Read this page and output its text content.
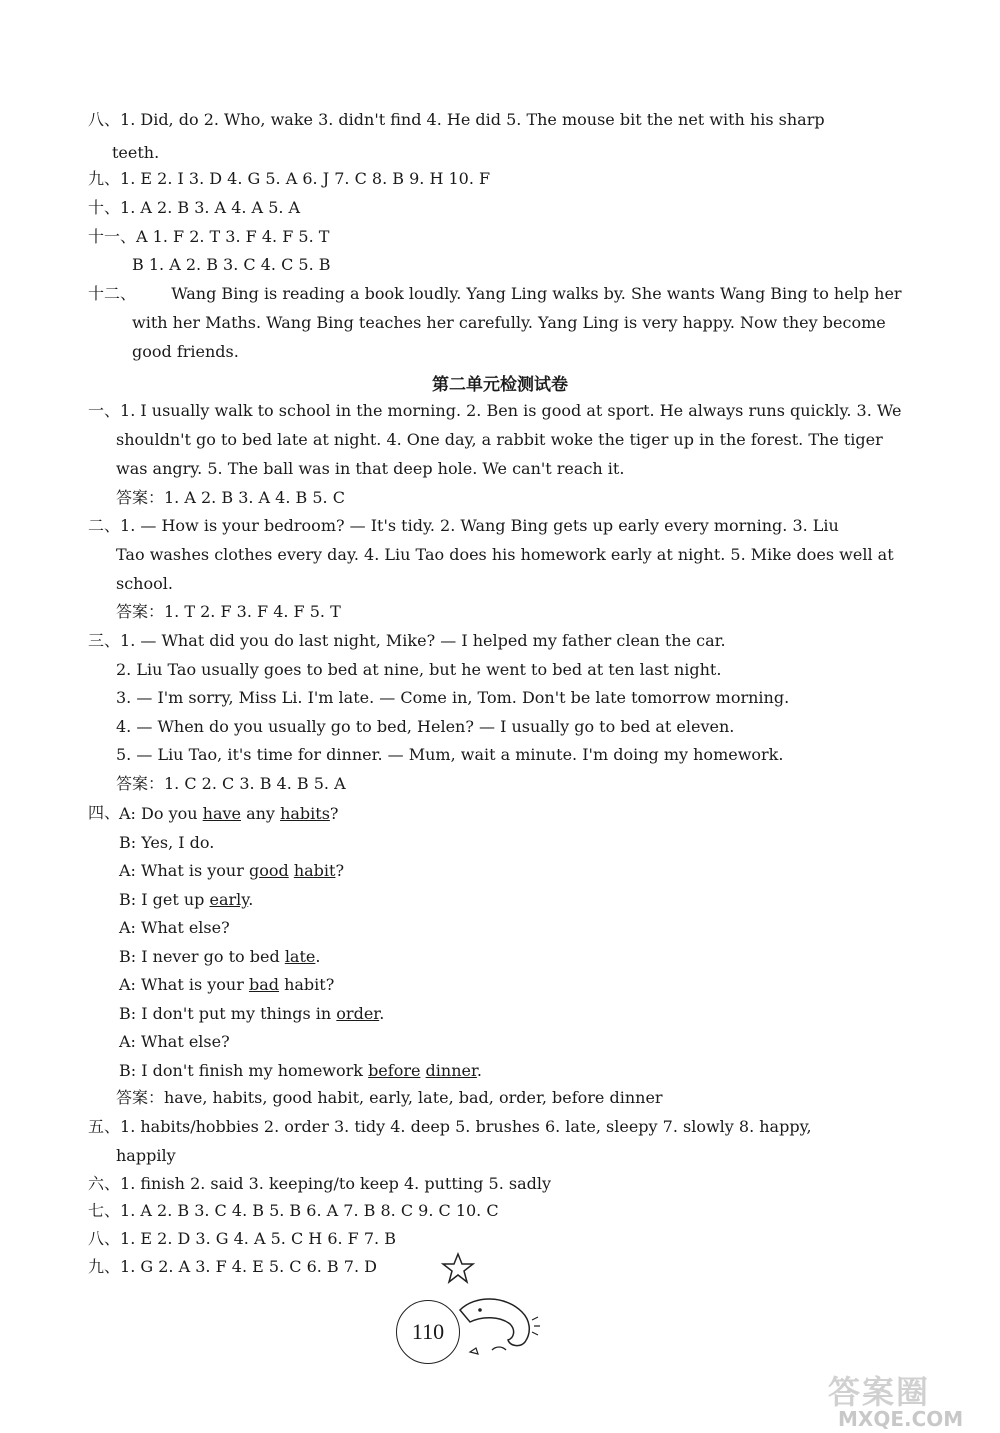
八、1. Did, do 2. Who, wake 3. didn't find 4. He did 5. The mouse bit the net with his sharp
teeth.
九、1. E 2. I 3. D 4. G 5. A 6. J 7. C 8. B 9. H 10. F
十、1. A 2. B 3. A 4. A 5. A
十一、A 1. F 2. T 3. F 4. F 5. T
B 1. A 2. B 3. C 4. C 5. B
十二、 Wang Bing is reading a book loudly. Yang Ling walks by. She wants Wang Bing to help her
with her Maths. Wang Bing teaches her carefully. Yang Ling is very happy. Now they become
good friends.
第二单元检测试卷
一、1. I usually walk to school in the morning. 2. Ben is good at sport. He always runs quickly. 3. We
shouldn't go to bed late at night. 4. One day, a rabbit woke the tiger up in the forest. The tiger
was angry. 5. The ball was in that deep hole. We can't reach it.
答案：1. A 2. B 3. A 4. B 5. C
二、1. — How is your bedroom? — It's tidy. 2. Wang Bing gets up early every morning. 3. Liu
Tao washes clothes every day. 4. Liu Tao does his homework early at night. 5. Mike does well at
school.
答案：1. T 2. F 3. F 4. F 5. T
三、1. — What did you do last night, Mike? — I helped my father clean the car.
2. Liu Tao usually goes to bed at nine, but he went to bed at ten last night.
3. — I'm sorry, Miss Li. I'm late. — Come in, Tom. Don't be late tomorrow morning.
4. — When do you usually go to bed, Helen? — I usually go to bed at eleven.
5. — Liu Tao, it's time for dinner. — Mum, wait a minute. I'm doing my homework.
答案：1. C 2. C 3. B 4. B 5. A
四、
A: Do you have any habits?
B: Yes, I do.
A: What is your good habit?
B: I get up early.
A: What else?
B: I never go to bed late.
A: What is your bad habit?
B: I don't put my things in order.
A: What else?
B: I don't finish my homework before dinner.
答案：have, habits, good habit, early, late, bad, order, before dinner
五、1. habits/hobbies 2. order 3. tidy 4. deep 5. brushes 6. late, sleepy 7. slowly 8. happy,
happily
六、1. finish 2. said 3. keeping/to keep 4. putting 5. sadly
七、1. A 2. B 3. C 4. B 5. B 6. A 7. B 8. C 9. C 10. C
八、1. E 2. D 3. G 4. A 5. C H 6. F 7. B
九、1. G 2. A 3. F 4. E 5. C 6. B 7. D
110
答案圈
MXQE.COM
